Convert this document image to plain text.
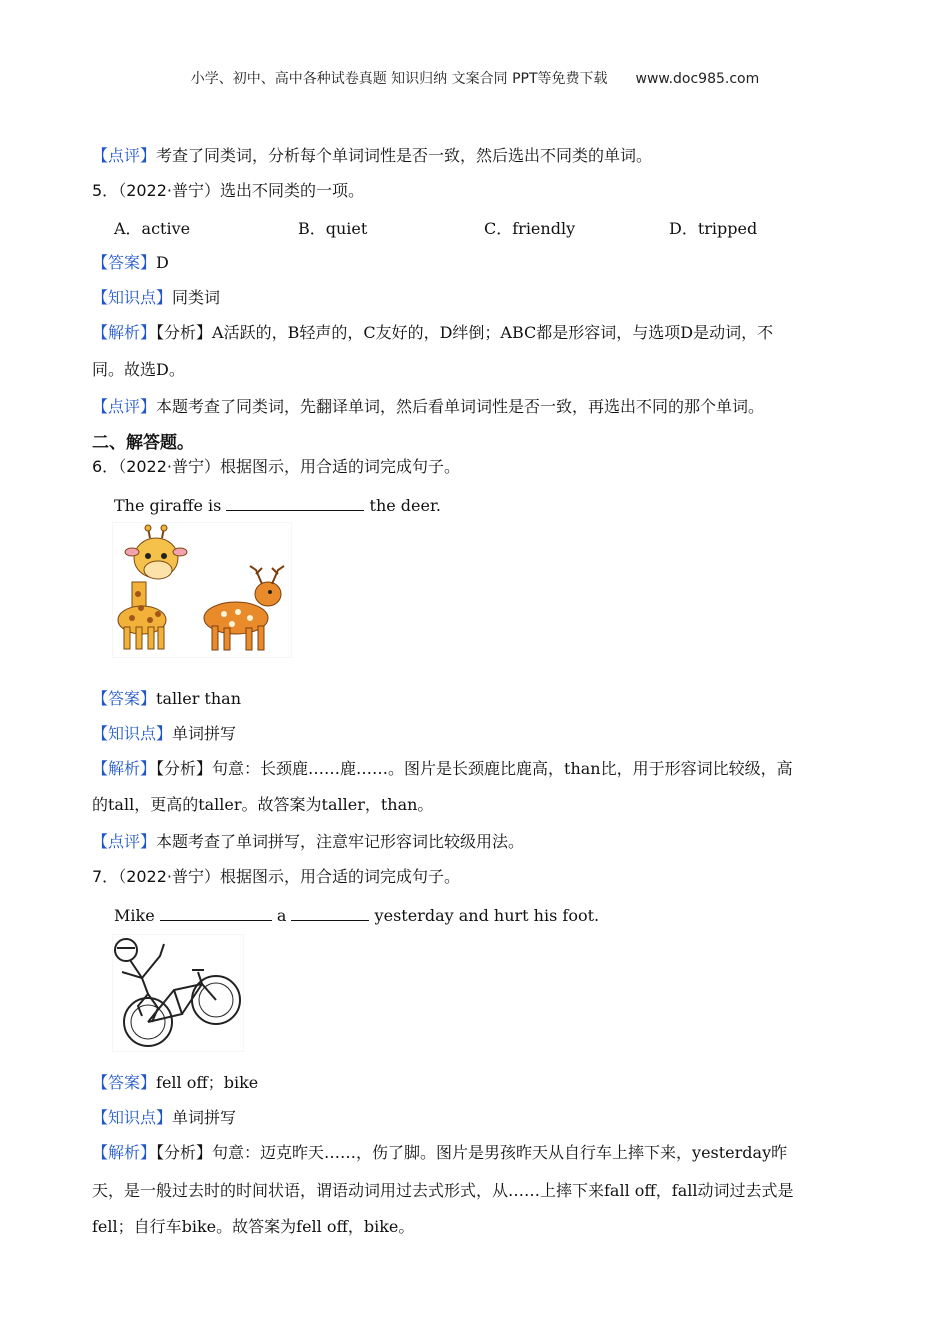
小学、初中、高中各种试卷真题 知识归纳 文案合同 PPT等免费下载 www.doc985.com
【点评】考查了同类词，分析每个单词词性是否一致，然后选出不同类的单词。
5．（2022·普宁）选出不同类的一项。
A．active	B．quiet	C．friendly	D．tripped
【答案】D
【知识点】同类词
【解析】【分析】A活跃的，B轻声的，C友好的，D绊倒；ABC都是形容词，与选项D是动词，不
同。故选D。
【点评】本题考查了同类词，先翻译单词，然后看单词词性是否一致，再选出不同的那个单词。
二、解答题。
6．（2022·普宁）根据图示，用合适的词完成句子。
The giraffe is	the deer.
【答案】taller than
【知识点】单词拼写
【解析】【分析】句意：长颈鹿……鹿……。图片是长颈鹿比鹿高，than比，用于形容词比较级，高
的tall，更高的taller。故答案为taller，than。
【点评】本题考查了单词拼写，注意牢记形容词比较级用法。
7．（2022·普宁）根据图示，用合适的词完成句子。
Mike	a	yesterday and hurt his foot.
【答案】fell off；bike
【知识点】单词拼写
【解析】【分析】句意：迈克昨天……，伤了脚。图片是男孩昨天从自行车上摔下来，yesterday昨
天，是一般过去时的时间状语，谓语动词用过去式形式，从……上摔下来fall off，fall动词过去式是
fell；自行车bike。故答案为fell off，bike。
